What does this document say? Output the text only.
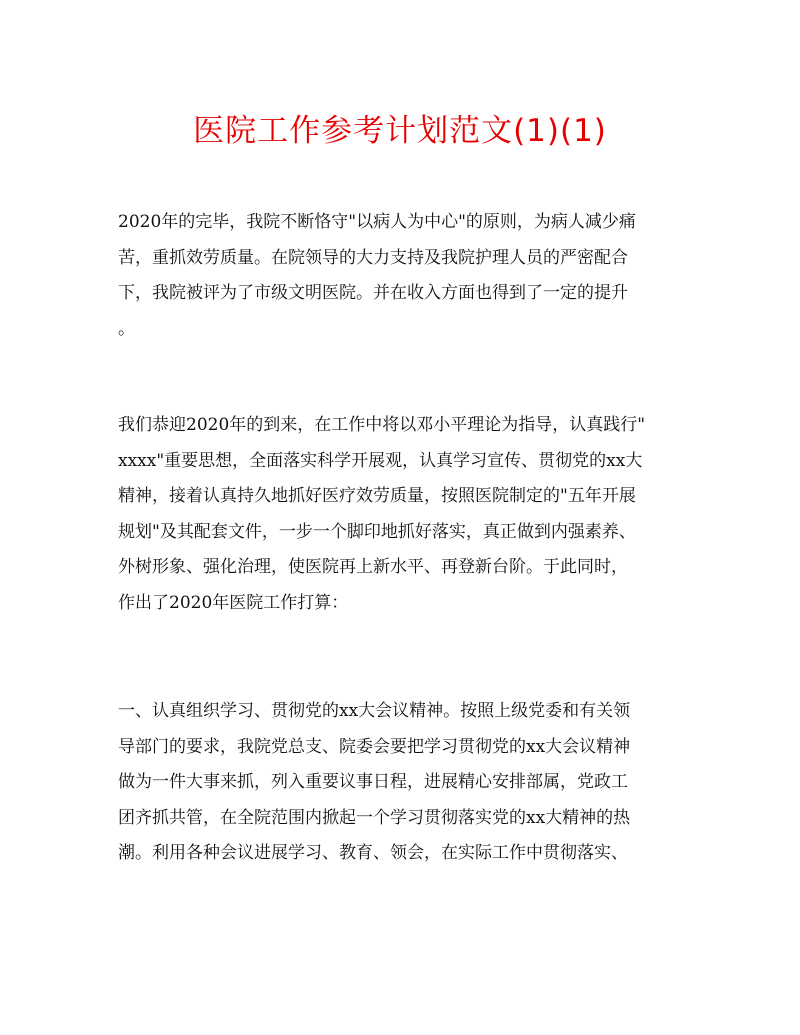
医院工作参考计划范文(1)(1)

2020年的完毕，我院不断恪守"以病人为中心"的原则，为病人减少痛
苦，重抓效劳质量。在院领导的大力支持及我院护理人员的严密配合
下，我院被评为了市级文明医院。并在收入方面也得到了一定的提升
。

我们恭迎2020年的到来，在工作中将以邓小平理论为指导，认真践行"
xxxx"重要思想，全面落实科学开展观，认真学习宣传、贯彻党的xx大
精神，接着认真持久地抓好医疗效劳质量，按照医院制定的"五年开展
规划"及其配套文件，一步一个脚印地抓好落实，真正做到内强素养、
外树形象、强化治理，使医院再上新水平、再登新台阶。于此同时，
作出了2020年医院工作打算：

一、认真组织学习、贯彻党的xx大会议精神。按照上级党委和有关领
导部门的要求，我院党总支、院委会要把学习贯彻党的xx大会议精神
做为一件大事来抓，列入重要议事日程，进展精心安排部属，党政工
团齐抓共管，在全院范围内掀起一个学习贯彻落实党的xx大精神的热
潮。利用各种会议进展学习、教育、领会，在实际工作中贯彻落实、
